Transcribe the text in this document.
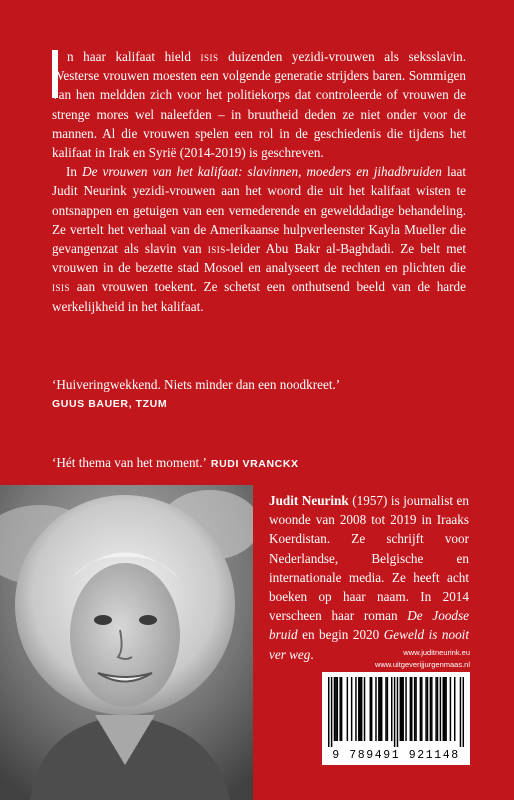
n haar kalifaat hield isis duizenden yezidi-vrouwen als seksslavin. Westerse vrouwen moesten een volgende generatie strijders baren. Sommigen van hen meldden zich voor het politiekorps dat controleerde of vrouwen de strenge mores wel naleefden – in bruutheid deden ze niet onder voor de mannen. Al die vrouwen spelen een rol in de geschiedenis die tijdens het kalifaat in Irak en Syrië (2014-2019) is geschreven.

In De vrouwen van het kalifaat: slavinnen, moeders en jihadbruiden laat Judit Neurink yezidi-vrouwen aan het woord die uit het kalifaat wisten te ontsnappen en getuigen van een vernederende en gewelddadige behandeling. Ze vertelt het verhaal van de Amerikaanse hulpverleenster Kayla Mueller die gevangenzat als slavin van isis-leider Abu Bakr al-Baghdadi. Ze belt met vrouwen in de bezette stad Mosoel en analyseert de rechten en plichten die isis aan vrouwen toekent. Ze schetst een onthutsend beeld van de harde werkelijkheid in het kalifaat.

‘Huiveringwekkend. Niets minder dan een noodkreet.’
GUUS BAUER, TZUM
‘Hét thema van het moment.’ RUDI VRANCKX
Judit Neurink (1957) is journalist en woonde van 2008 tot 2019 in Iraaks Koerdistan. Ze schrijft voor Nederlandse, Belgische en internationale media. Ze heeft acht boeken op haar naam. In 2014 verscheen haar roman De Joodse bruid en begin 2020 Geweld is nooit ver weg.	www.juditneurink.eu
www.uitgeverijjurgenmaas.nl
9 789491 921148
